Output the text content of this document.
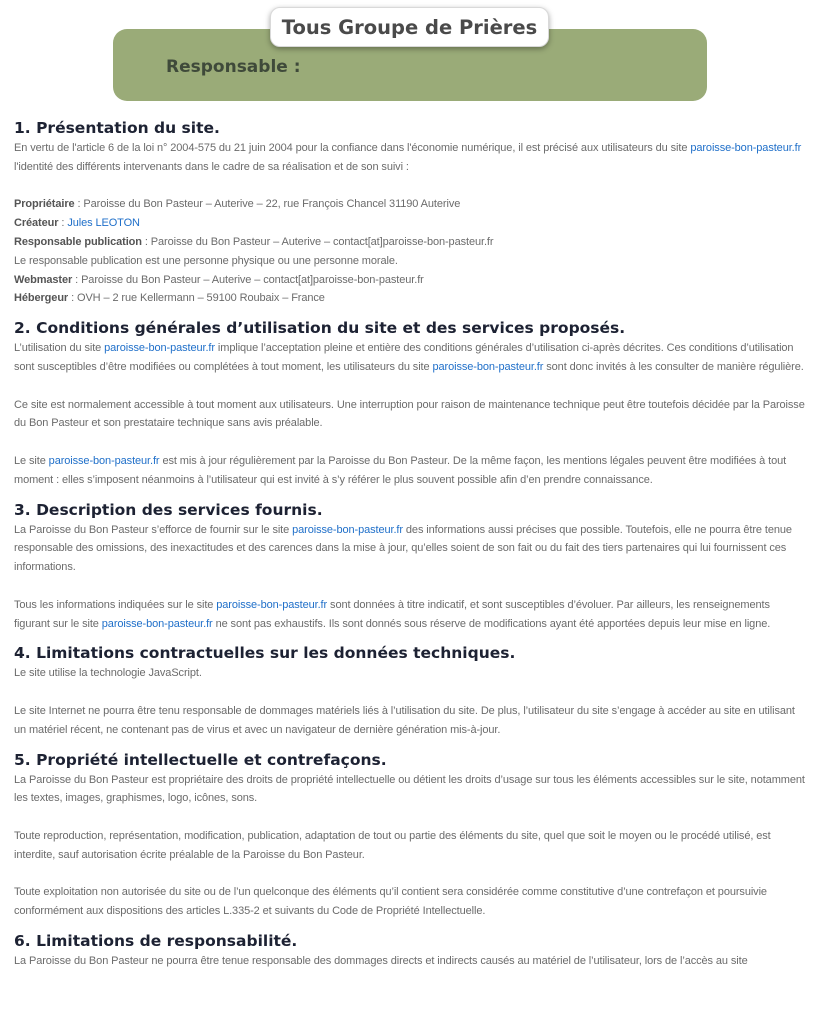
Responsable :
Tous Groupe de Prières
1. Présentation du site.

En vertu de l'article 6 de la loi n° 2004-575 du 21 juin 2004 pour la confiance dans l'économie numérique, il est précisé aux utilisateurs du site paroisse-bon-pasteur.fr l'identité des différents intervenants dans le cadre de sa réalisation et de son suivi :

Propriétaire : Paroisse du Bon Pasteur – Auterive – 22, rue François Chancel 31190 Auterive

Créateur : Jules LEOTON

Responsable publication : Paroisse du Bon Pasteur – Auterive – contact[at]paroisse-bon-pasteur.fr

Le responsable publication est une personne physique ou une personne morale.

Webmaster : Paroisse du Bon Pasteur – Auterive – contact[at]paroisse-bon-pasteur.fr

Hébergeur : OVH – 2 rue Kellermann – 59100 Roubaix – France

2. Conditions générales d’utilisation du site et des services proposés.

L’utilisation du site paroisse-bon-pasteur.fr implique l’acceptation pleine et entière des conditions générales d’utilisation ci-après décrites. Ces conditions d’utilisation sont susceptibles d’être modifiées ou complétées à tout moment, les utilisateurs du site paroisse-bon-pasteur.fr sont donc invités à les consulter de manière régulière.

Ce site est normalement accessible à tout moment aux utilisateurs. Une interruption pour raison de maintenance technique peut être toutefois décidée par la Paroisse du Bon Pasteur et son prestataire technique sans avis préalable.

Le site paroisse-bon-pasteur.fr est mis à jour régulièrement par la Paroisse du Bon Pasteur. De la même façon, les mentions légales peuvent être modifiées à tout moment : elles s’imposent néanmoins à l’utilisateur qui est invité à s’y référer le plus souvent possible afin d’en prendre connaissance.

3. Description des services fournis.

La Paroisse du Bon Pasteur s’efforce de fournir sur le site paroisse-bon-pasteur.fr des informations aussi précises que possible. Toutefois, elle ne pourra être tenue responsable des omissions, des inexactitudes et des carences dans la mise à jour, qu’elles soient de son fait ou du fait des tiers partenaires qui lui fournissent ces informations.

Tous les informations indiquées sur le site paroisse-bon-pasteur.fr sont données à titre indicatif, et sont susceptibles d’évoluer. Par ailleurs, les renseignements figurant sur le site paroisse-bon-pasteur.fr ne sont pas exhaustifs. Ils sont donnés sous réserve de modifications ayant été apportées depuis leur mise en ligne.

4. Limitations contractuelles sur les données techniques.

Le site utilise la technologie JavaScript.

Le site Internet ne pourra être tenu responsable de dommages matériels liés à l’utilisation du site. De plus, l’utilisateur du site s’engage à accéder au site en utilisant un matériel récent, ne contenant pas de virus et avec un navigateur de dernière génération mis-à-jour.

5. Propriété intellectuelle et contrefaçons.

La Paroisse du Bon Pasteur est propriétaire des droits de propriété intellectuelle ou détient les droits d’usage sur tous les éléments accessibles sur le site, notamment les textes, images, graphismes, logo, icônes, sons.

Toute reproduction, représentation, modification, publication, adaptation de tout ou partie des éléments du site, quel que soit le moyen ou le procédé utilisé, est interdite, sauf autorisation écrite préalable de la Paroisse du Bon Pasteur.

Toute exploitation non autorisée du site ou de l’un quelconque des éléments qu’il contient sera considérée comme constitutive d’une contrefaçon et poursuivie conformément aux dispositions des articles L.335-2 et suivants du Code de Propriété Intellectuelle.

6. Limitations de responsabilité.

La Paroisse du Bon Pasteur ne pourra être tenue responsable des dommages directs et indirects causés au matériel de l’utilisateur, lors de l’accès au site
